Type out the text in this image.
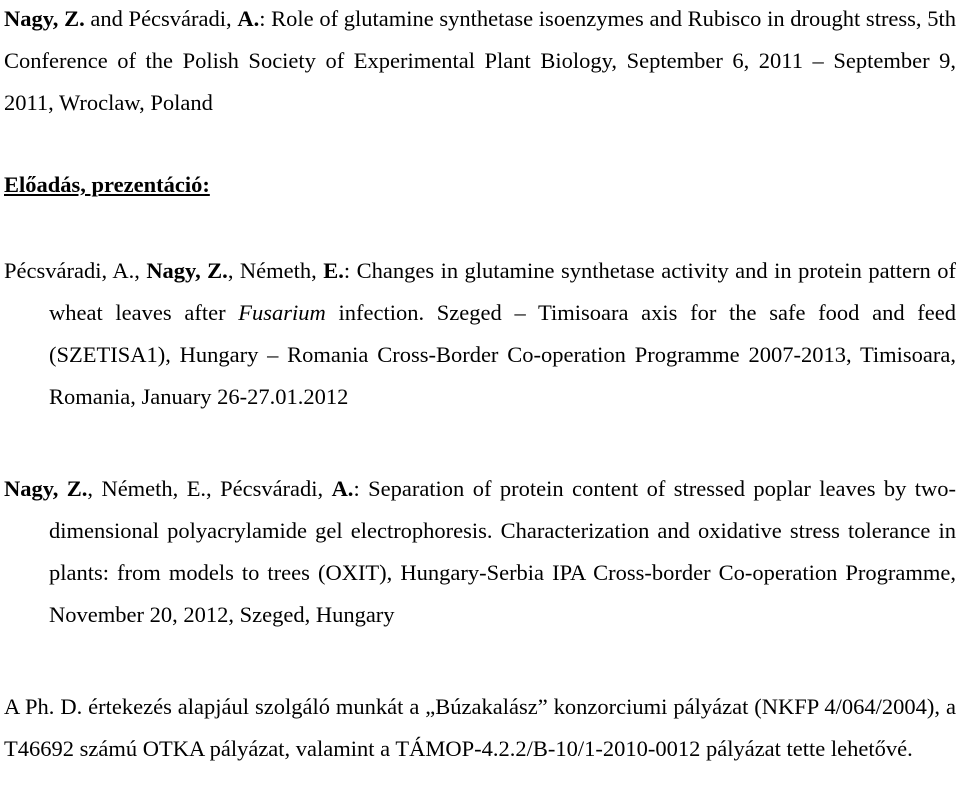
Nagy, Z. and Pécsváradi, A.: Role of glutamine synthetase isoenzymes and Rubisco in drought stress, 5th Conference of the Polish Society of Experimental Plant Biology, September 6, 2011 – September 9, 2011, Wroclaw, Poland

Előadás, prezentáció:

Pécsváradi, A., Nagy, Z., Németh, E.: Changes in glutamine synthetase activity and in protein pattern of wheat leaves after Fusarium infection. Szeged – Timisoara axis for the safe food and feed (SZETISA1), Hungary – Romania Cross-Border Co-operation Programme 2007-2013, Timisoara, Romania, January 26-27.01.2012

Nagy, Z., Németh, E., Pécsváradi, A.: Separation of protein content of stressed poplar leaves by two-dimensional polyacrylamide gel electrophoresis. Characterization and oxidative stress tolerance in plants: from models to trees (OXIT), Hungary-Serbia IPA Cross-border Co-operation Programme, November 20, 2012, Szeged, Hungary

A Ph. D. értekezés alapjául szolgáló munkát a „Búzakalász” konzorciumi pályázat (NKFP 4/064/2004), a T46692 számú OTKA pályázat, valamint a TÁMOP-4.2.2/B-10/1-2010-0012 pályázat tette lehetővé.
